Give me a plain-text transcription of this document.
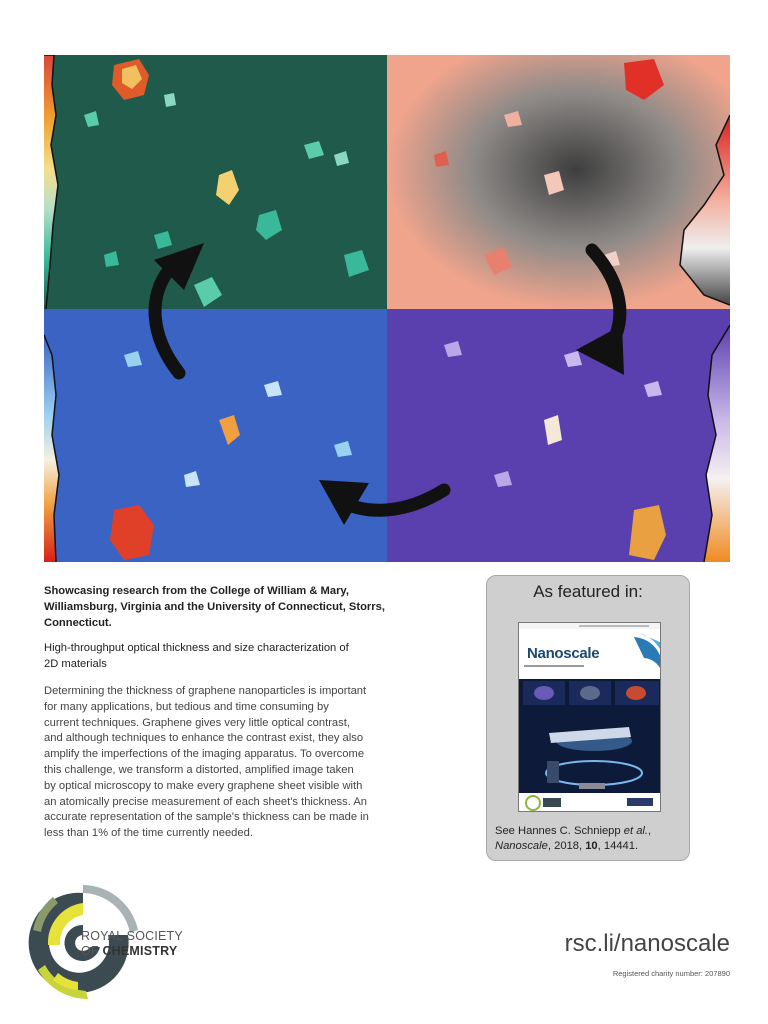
Showcasing research from the College of William & Mary,
Williamsburg, Virginia and the University of Connecticut, Storrs,
Connecticut.

High-throughput optical thickness and size characterization of
2D materials

Determining the thickness of graphene nanoparticles is important
for many applications, but tedious and time consuming by
current techniques. Graphene gives very little optical contrast,
and although techniques to enhance the contrast exist, they also
amplify the imperfections of the imaging apparatus. To overcome
this challenge, we transform a distorted, amplified image taken
by optical microscopy to make every graphene sheet visible with
an atomically precise measurement of each sheet's thickness. An
accurate representation of the sample's thickness can be made in
less than 1% of the time currently needed.

As featured in:
Nanoscale
See Hannes C. Schniepp et al.,
Nanoscale, 2018, 10, 14441.
ROYAL SOCIETY
OF CHEMISTRY	rsc.li/nanoscale
Registered charity number: 207890
